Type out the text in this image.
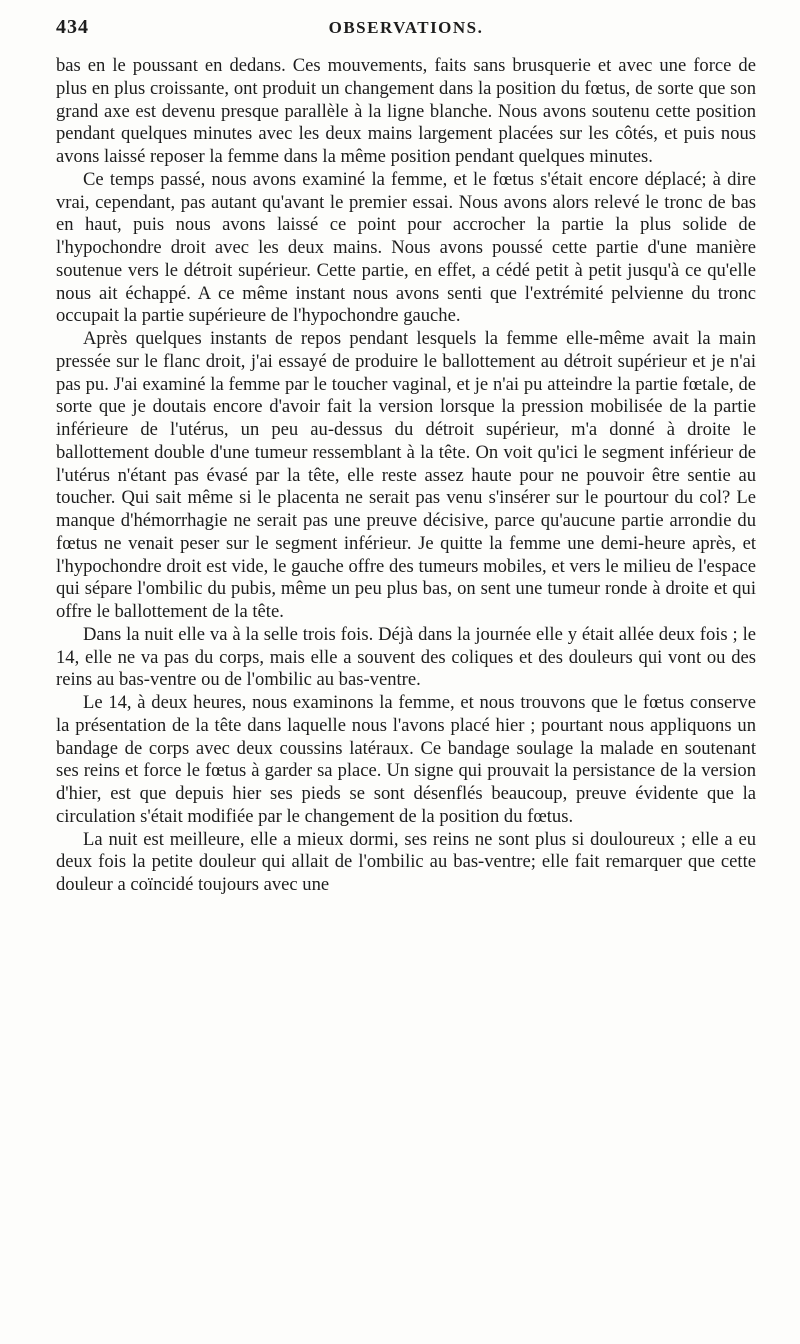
434	OBSERVATIONS.

bas en le poussant en dedans. Ces mouvements, faits sans brusquerie et avec une force de plus en plus croissante, ont produit un changement dans la position du fœtus, de sorte que son grand axe est devenu presque parallèle à la ligne blanche. Nous avons soutenu cette position pendant quelques minutes avec les deux mains largement placées sur les côtés, et puis nous avons laissé reposer la femme dans la même position pendant quelques minutes.

Ce temps passé, nous avons examiné la femme, et le fœtus s'était encore déplacé; à dire vrai, cependant, pas autant qu'avant le premier essai. Nous avons alors relevé le tronc de bas en haut, puis nous avons laissé ce point pour accrocher la partie la plus solide de l'hypochondre droit avec les deux mains. Nous avons poussé cette partie d'une manière soutenue vers le détroit supérieur. Cette partie, en effet, a cédé petit à petit jusqu'à ce qu'elle nous ait échappé. A ce même instant nous avons senti que l'extrémité pelvienne du tronc occupait la partie supérieure de l'hypochondre gauche.

Après quelques instants de repos pendant lesquels la femme elle-même avait la main pressée sur le flanc droit, j'ai essayé de produire le ballottement au détroit supérieur et je n'ai pas pu. J'ai examiné la femme par le toucher vaginal, et je n'ai pu atteindre la partie fœtale, de sorte que je doutais encore d'avoir fait la version lorsque la pression mobilisée de la partie inférieure de l'utérus, un peu au-dessus du détroit supérieur, m'a donné à droite le ballottement double d'une tumeur ressemblant à la tête. On voit qu'ici le segment inférieur de l'utérus n'étant pas évasé par la tête, elle reste assez haute pour ne pouvoir être sentie au toucher. Qui sait même si le placenta ne serait pas venu s'insérer sur le pourtour du col? Le manque d'hémorrhagie ne serait pas une preuve décisive, parce qu'aucune partie arrondie du fœtus ne venait peser sur le segment inférieur. Je quitte la femme une demi-heure après, et l'hypochondre droit est vide, le gauche offre des tumeurs mobiles, et vers le milieu de l'espace qui sépare l'ombilic du pubis, même un peu plus bas, on sent une tumeur ronde à droite et qui offre le ballottement de la tête.

Dans la nuit elle va à la selle trois fois. Déjà dans la journée elle y était allée deux fois ; le 14, elle ne va pas du corps, mais elle a souvent des coliques et des douleurs qui vont ou des reins au bas-ventre ou de l'ombilic au bas-ventre.

Le 14, à deux heures, nous examinons la femme, et nous trouvons que le fœtus conserve la présentation de la tête dans laquelle nous l'avons placé hier ; pourtant nous appliquons un bandage de corps avec deux coussins latéraux. Ce bandage soulage la malade en soutenant ses reins et force le fœtus à garder sa place. Un signe qui prouvait la persistance de la version d'hier, est que depuis hier ses pieds se sont désenflés beaucoup, preuve évidente que la circulation s'était modifiée par le changement de la position du fœtus.

La nuit est meilleure, elle a mieux dormi, ses reins ne sont plus si douloureux ; elle a eu deux fois la petite douleur qui allait de l'ombilic au bas-ventre; elle fait remarquer que cette douleur a coïncidé toujours avec une
